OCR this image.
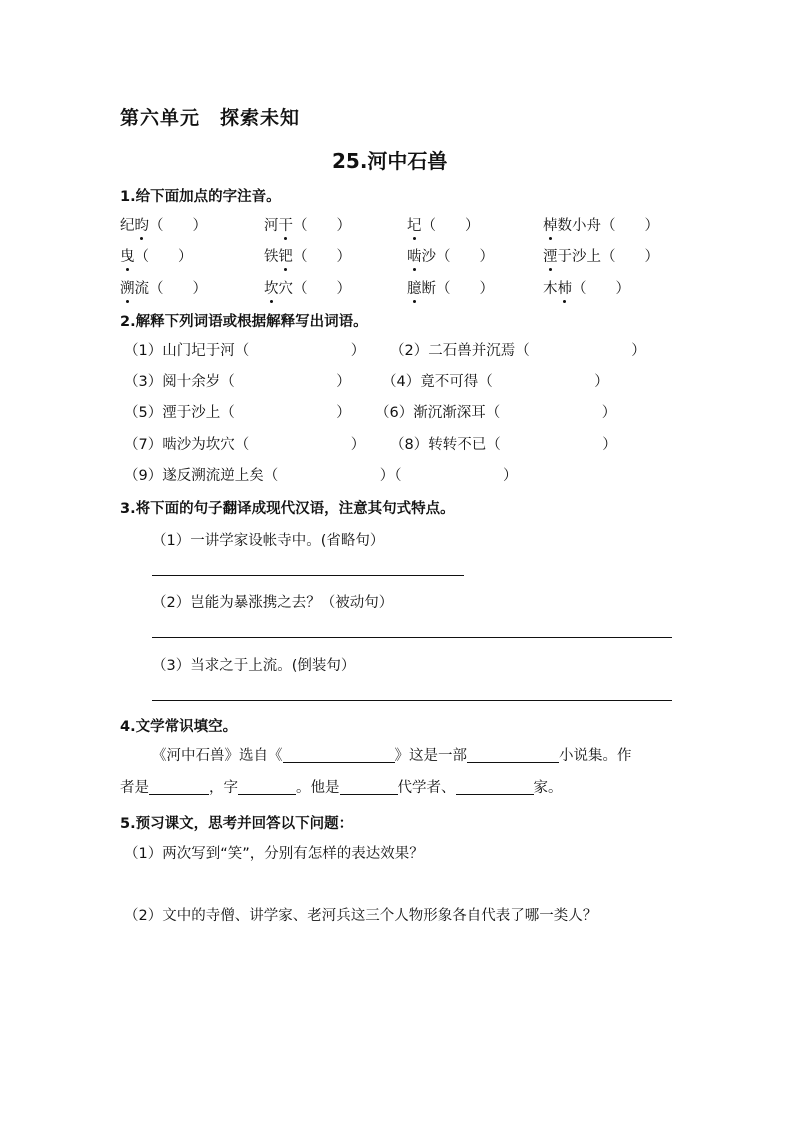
第六单元 探索未知
25.河中石兽
1.给下面加点的字注音。
纪昀（　　）	河干（　　）	圮（　　）	棹数小舟（　　）
曳（　　）	铁钯（　　）	啮沙（　　）	湮于沙上（　　）
溯流（　　）	坎穴（　　）	臆断（　　）	木杮（　　）
2.解释下列词语或根据解释写出词语。
（1）山门圮于河（　　　　　　　） （2）二石兽并沉焉（　　　　　　　）
（3）阅十余岁（　　　　　　　） （4）竟不可得（　　　　　　　）
（5）湮于沙上（　　　　　　　） （6）渐沉渐深耳（　　　　　　　）
（7）啮沙为坎穴（　　　　　　　） （8）转转不已（　　　　　　　）
（9）遂反溯流逆上矣（　　　　　　　）（　　　　　　　）
3.将下面的句子翻译成现代汉语，注意其句式特点。
（1）一讲学家设帐寺中。(省略句）
（2）岂能为暴涨携之去？（被动句）
（3）当求之于上流。(倒装句）
4.文学常识填空。
《河中石兽》选自《	》这是一部	小说集。作
者是	，字	。他是	代学者、	家。
5.预习课文，思考并回答以下问题：
（1）两次写到“笑”，分别有怎样的表达效果？
（2）文中的寺僧、讲学家、老河兵这三个人物形象各自代表了哪一类人？
